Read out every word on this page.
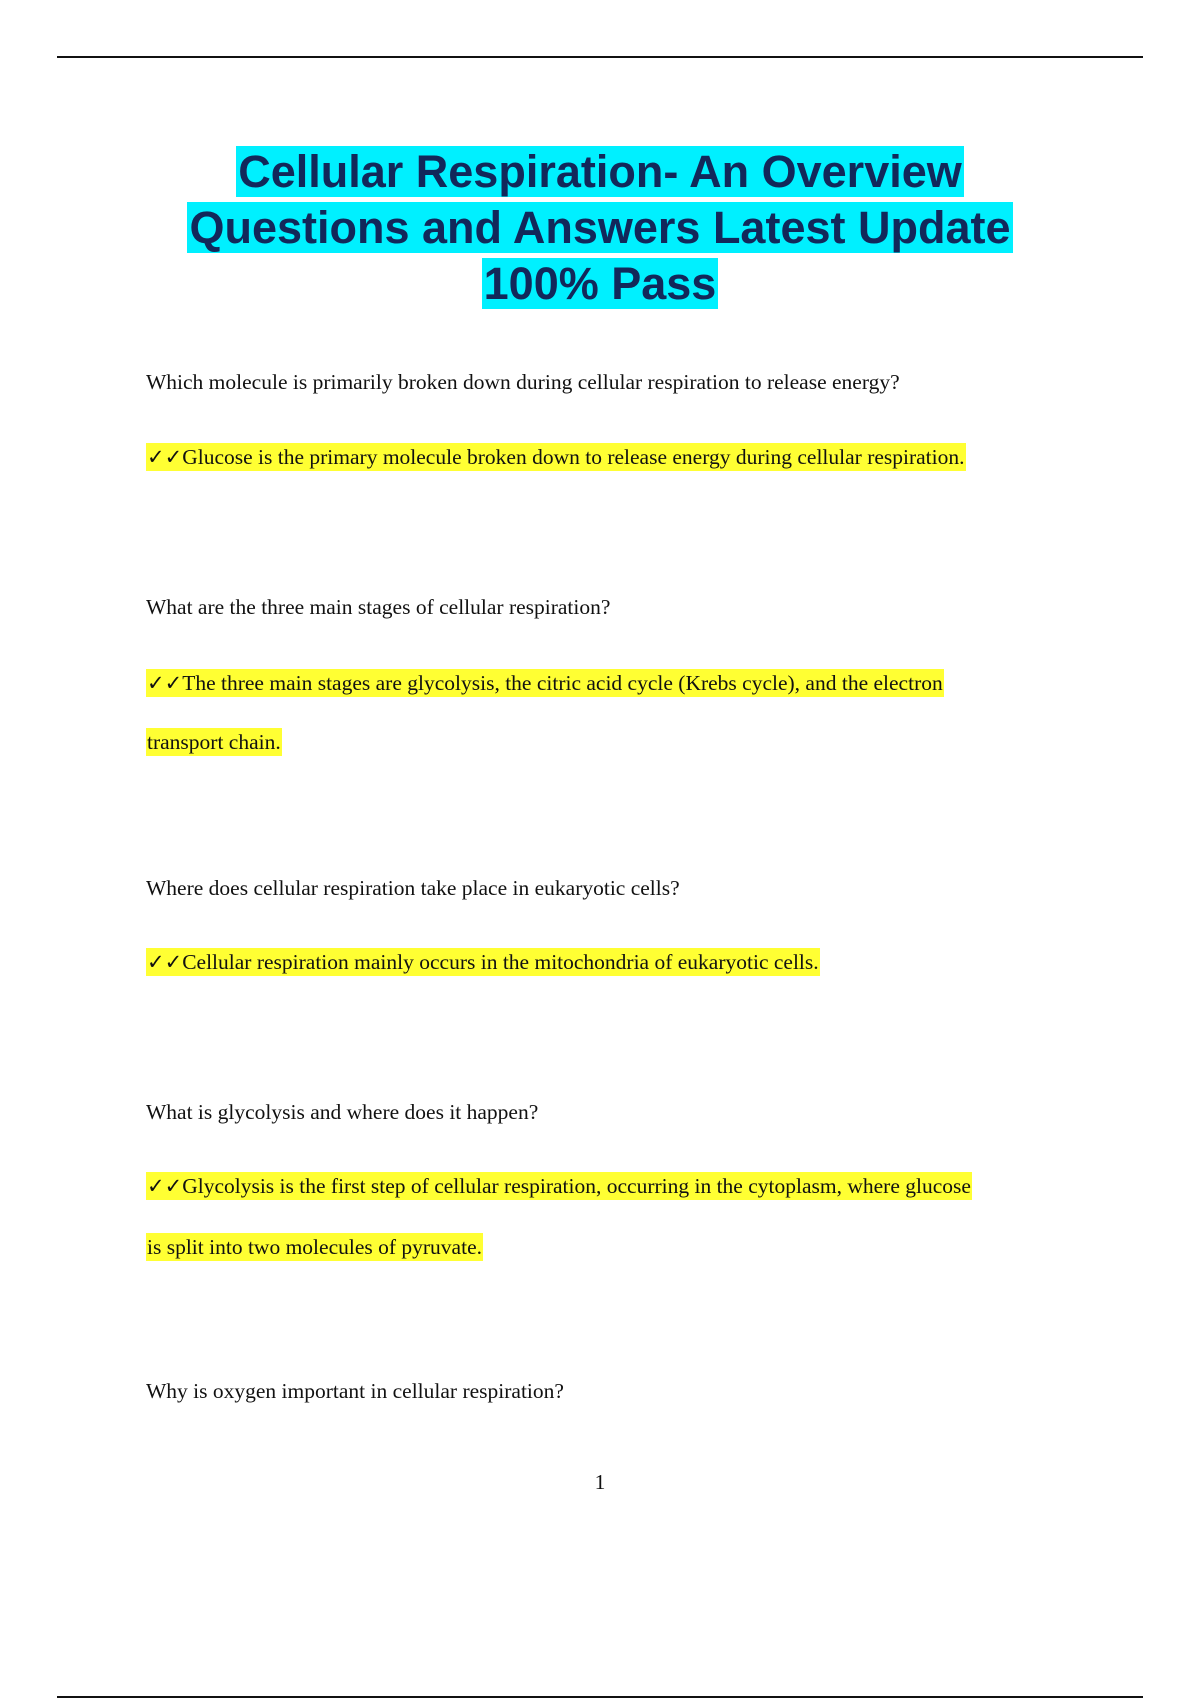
Cellular Respiration- An Overview
Questions and Answers Latest Update
100% Pass
Which molecule is primarily broken down during cellular respiration to release energy?
✓✓Glucose is the primary molecule broken down to release energy during cellular respiration.
What are the three main stages of cellular respiration?
✓✓The three main stages are glycolysis, the citric acid cycle (Krebs cycle), and the electron
transport chain.
Where does cellular respiration take place in eukaryotic cells?
✓✓Cellular respiration mainly occurs in the mitochondria of eukaryotic cells.
What is glycolysis and where does it happen?
✓✓Glycolysis is the first step of cellular respiration, occurring in the cytoplasm, where glucose
is split into two molecules of pyruvate.
Why is oxygen important in cellular respiration?
1
